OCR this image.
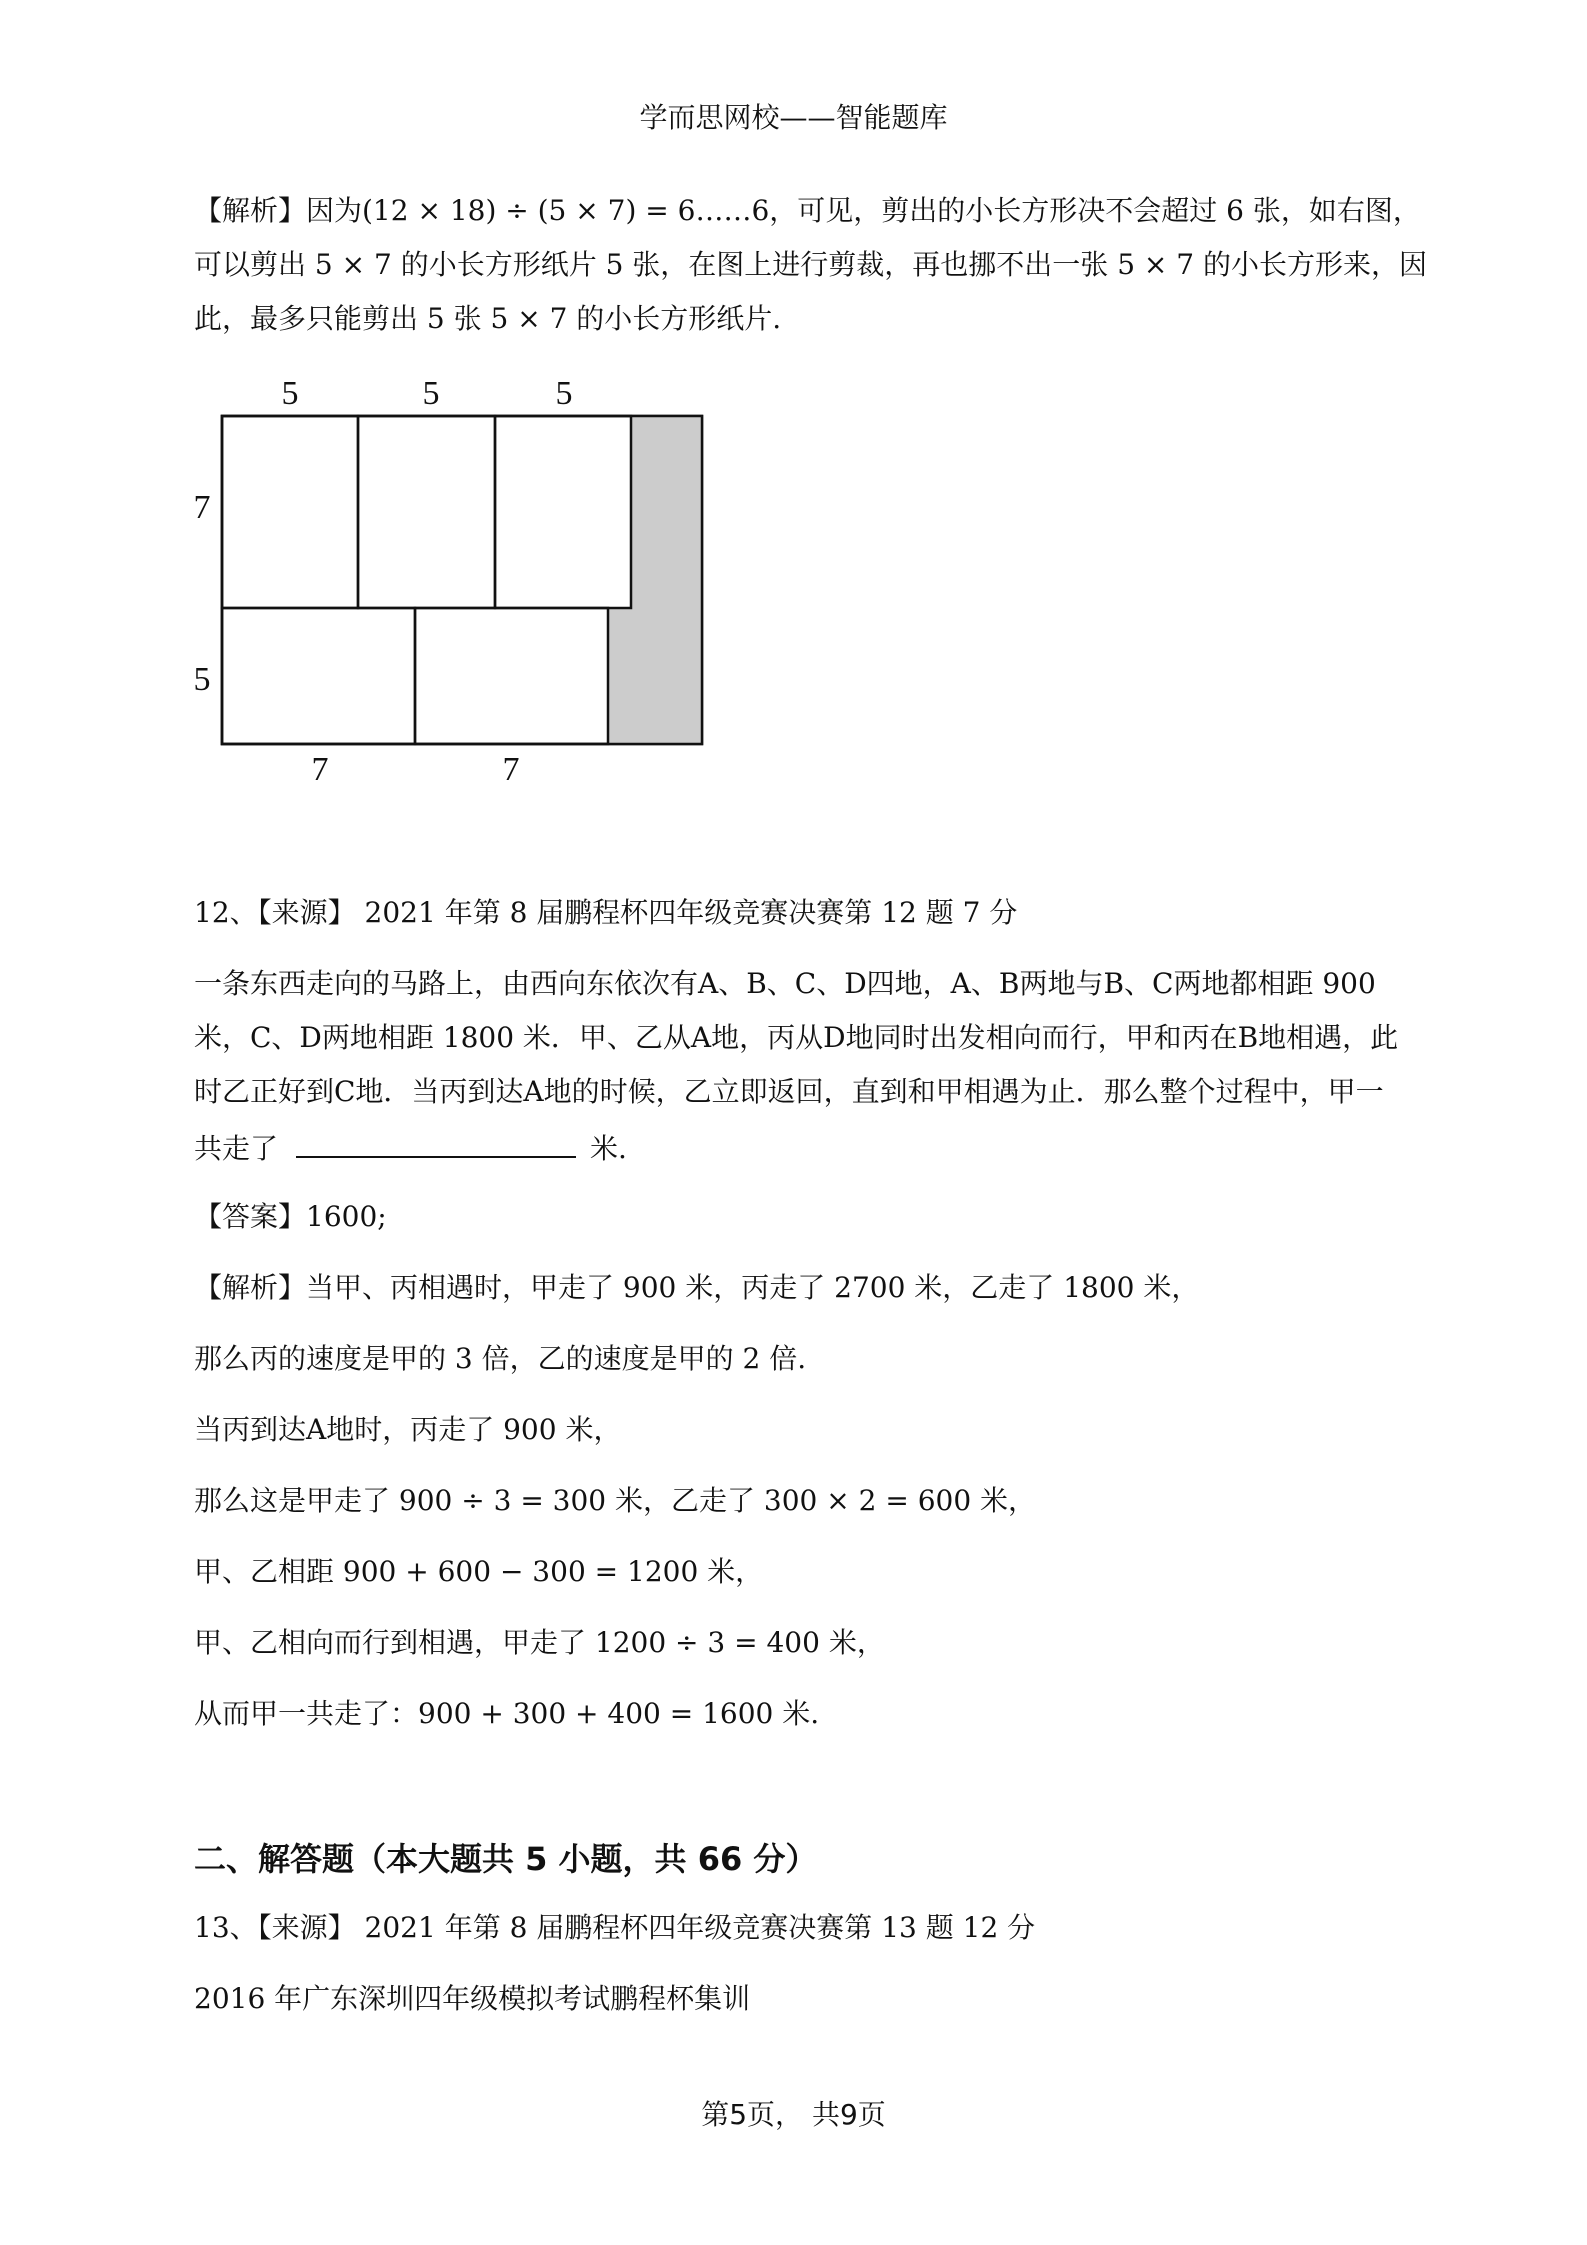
学而思网校——智能题库
【解析】因为(12 × 18) ÷ (5 × 7) = 6……6，可见，剪出的小长方形决不会超过 6 张，如右图，
可以剪出 5 × 7 的小长方形纸片 5 张，在图上进行剪裁，再也挪不出一张 5 × 7 的小长方形来，因
此，最多只能剪出 5 张 5 × 7 的小长方形纸片.
5	5	5
7
5
7	7
12、【来源】 2021 年第 8 届鹏程杯四年级竞赛决赛第 12 题 7 分
一条东西走向的马路上，由西向东依次有A、B、C、D四地，A、B两地与B、C两地都相距 900
米，C、D两地相距 1800 米．甲、乙从A地，丙从D地同时出发相向而行，甲和丙在B地相遇，此
时乙正好到C地．当丙到达A地的时候，乙立即返回，直到和甲相遇为止．那么整个过程中，甲一
共走了	米.
【答案】1600;
【解析】当甲、丙相遇时，甲走了 900 米，丙走了 2700 米，乙走了 1800 米，
那么丙的速度是甲的 3 倍，乙的速度是甲的 2 倍.
当丙到达A地时，丙走了 900 米，
那么这是甲走了 900 ÷ 3 = 300 米，乙走了 300 × 2 = 600 米，
甲、乙相距 900 + 600 − 300 = 1200 米，
甲、乙相向而行到相遇，甲走了 1200 ÷ 3 = 400 米，
从而甲一共走了：900 + 300 + 400 = 1600 米.
二、解答题（本大题共 5 小题，共 66 分）
13、【来源】 2021 年第 8 届鹏程杯四年级竞赛决赛第 13 题 12 分
2016 年广东深圳四年级模拟考试鹏程杯集训
第5页， 共9页
